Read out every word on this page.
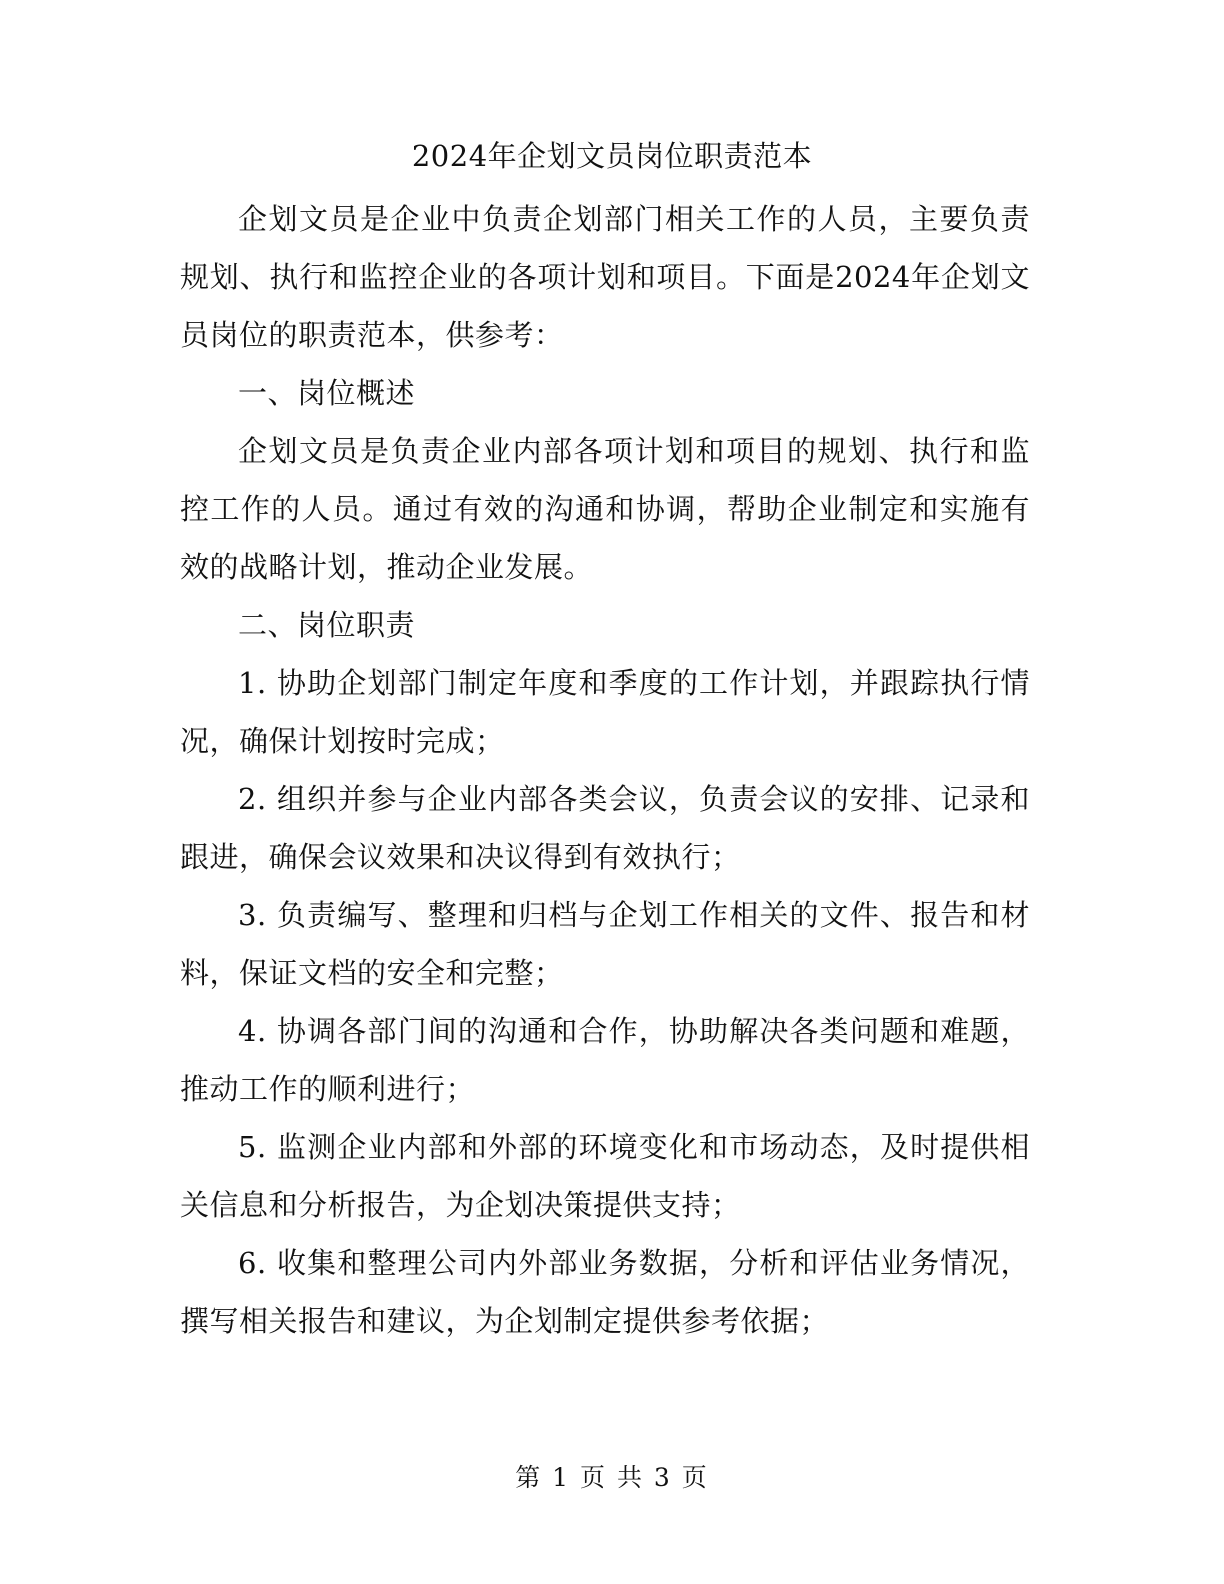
2024年企划文员岗位职责范本

企划文员是企业中负责企划部门相关工作的人员，主要负责规划、执行和监控企业的各项计划和项目。下面是2024年企划文员岗位的职责范本，供参考：

一、岗位概述

企划文员是负责企业内部各项计划和项目的规划、执行和监控工作的人员。通过有效的沟通和协调，帮助企业制定和实施有效的战略计划，推动企业发展。

二、岗位职责

1. 协助企划部门制定年度和季度的工作计划，并跟踪执行情况，确保计划按时完成；

2. 组织并参与企业内部各类会议，负责会议的安排、记录和跟进，确保会议效果和决议得到有效执行；

3. 负责编写、整理和归档与企划工作相关的文件、报告和材料，保证文档的安全和完整；

4. 协调各部门间的沟通和合作，协助解决各类问题和难题，推动工作的顺利进行；

5. 监测企业内部和外部的环境变化和市场动态，及时提供相关信息和分析报告，为企划决策提供支持；

6. 收集和整理公司内外部业务数据，分析和评估业务情况，撰写相关报告和建议，为企划制定提供参考依据；

第 1 页 共 3 页
